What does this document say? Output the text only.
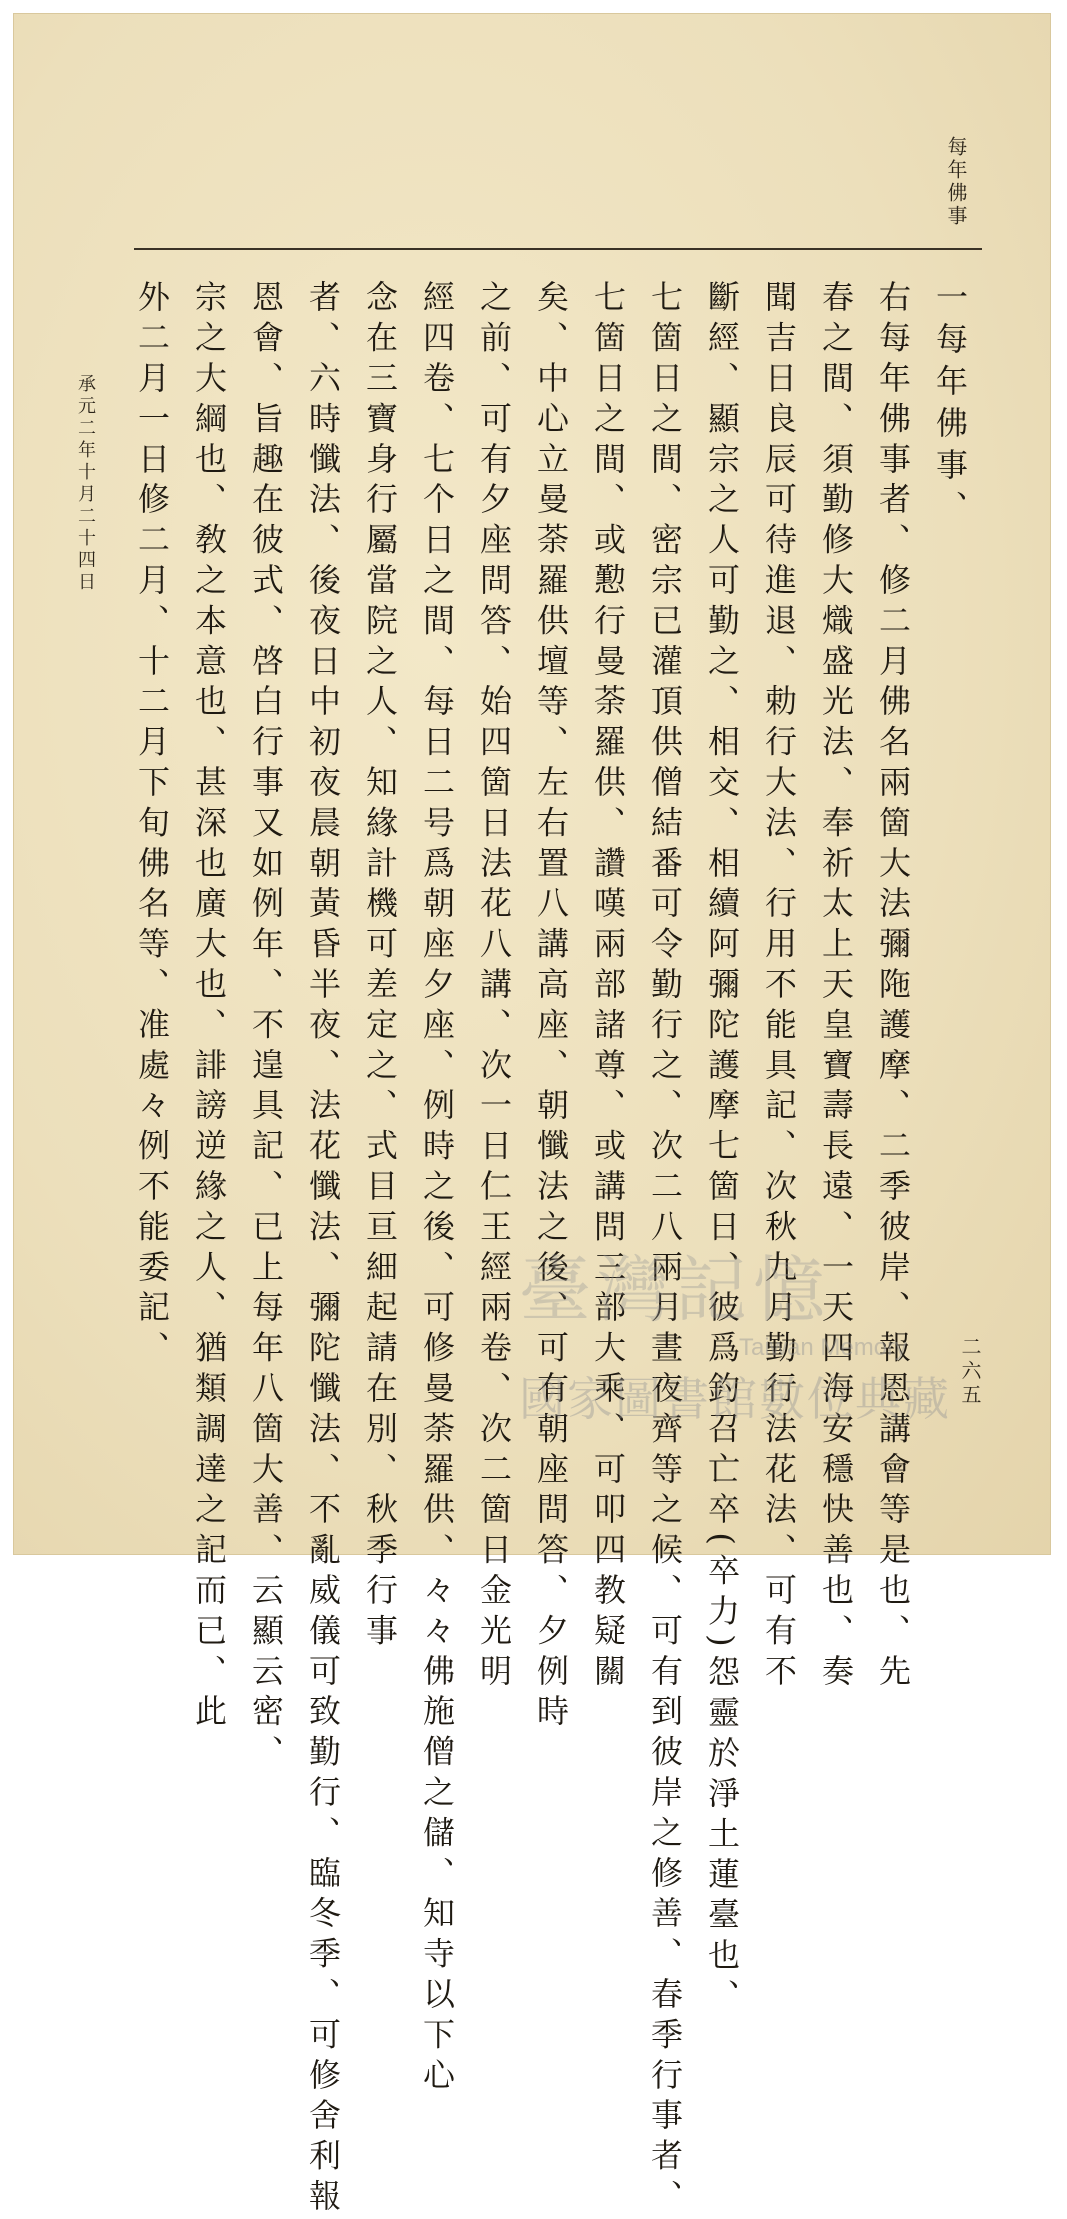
每年佛事

一每年佛事、

右每年佛事者、修二月佛名兩箇大法彌陁護摩、二季彼岸、報恩講會等是也、先

春之間、須勤修大熾盛光法、奉祈太上天皇寶壽長遠、一天四海安穩快善也、奏

聞吉日良辰可待進退、勅行大法、行用不能具記、次秋九月勤行法花法、可有不

斷經、顯宗之人可勤之、相交、相續阿彌陀護摩七箇日、彼爲釣召亡卒(卒力)怨靈於淨土蓮臺也、

七箇日之間、密宗已灌頂供僧結番可令勤行之、次二八兩月晝夜齊等之候、可有到彼岸之修善、春季行事者、

七箇日之間、或懃行曼荼羅供、讚嘆兩部諸尊、或講問三部大乘、可叩四教疑關

矣、中心立曼荼羅供壇等、左右置八講高座、朝懺法之後、可有朝座問答、夕例時

之前、可有夕座問答、始四箇日法花八講、次一日仁王經兩卷、次二箇日金光明

經四卷、七个日之間、每日二号爲朝座夕座、例時之後、可修曼荼羅供、々々佛施僧之儲、知寺以下心

念在三寶身行屬當院之人、知緣計機可差定之、式目亘細起請在別、秋季行事

者、六時懺法、後夜日中初夜晨朝黃昏半夜、法花懺法、彌陀懺法、不亂威儀可致勤行、臨冬季、可修舍利報

恩會、旨趣在彼式、啓白行事又如例年、不遑具記、已上每年八箇大善、云顯云密、

宗之大綱也、敎之本意也、甚深也廣大也、誹謗逆緣之人、猶類調達之記而已、此

外二月一日修二月、十二月下旬佛名等、准處々例不能委記、

承元二年十月二十四日
二六五
臺灣記憶
Taiwan Memory
國家圖書館數位典藏
